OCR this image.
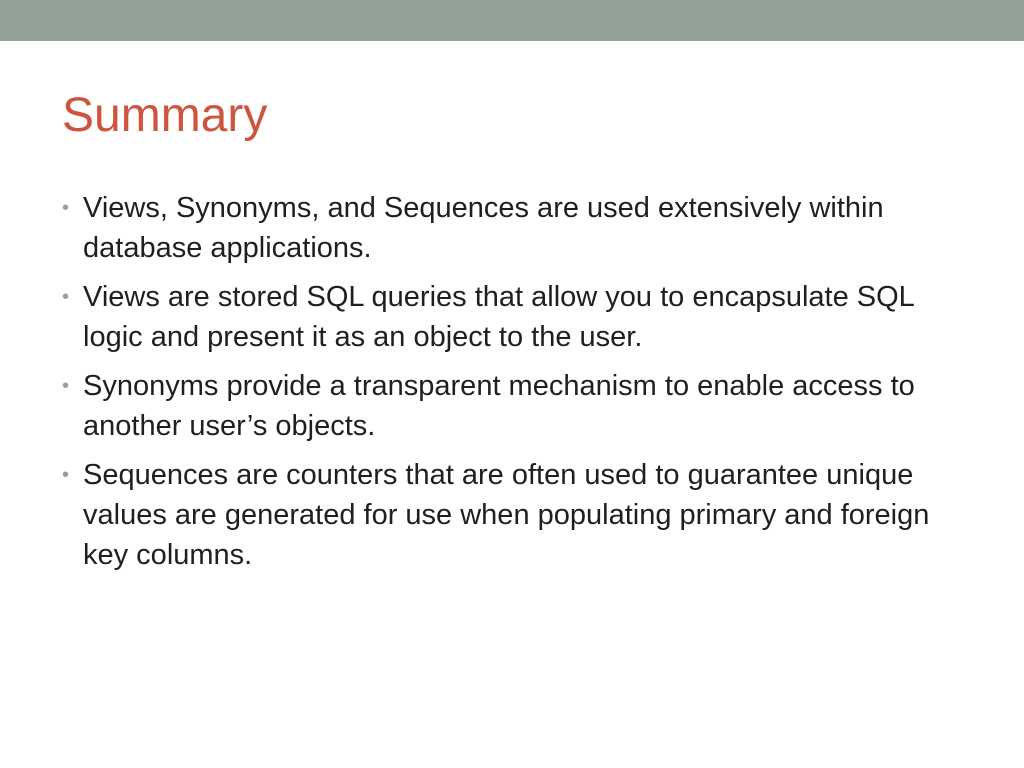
Summary
• Views, Synonyms, and Sequences are used extensively within database applications.
• Views are stored SQL queries that allow you to encapsulate SQL logic and present it as an object to the user.
• Synonyms provide a transparent mechanism to enable access to another user’s objects.
• Sequences are counters that are often used to guarantee unique values are generated for use when populating primary and foreign key columns.
